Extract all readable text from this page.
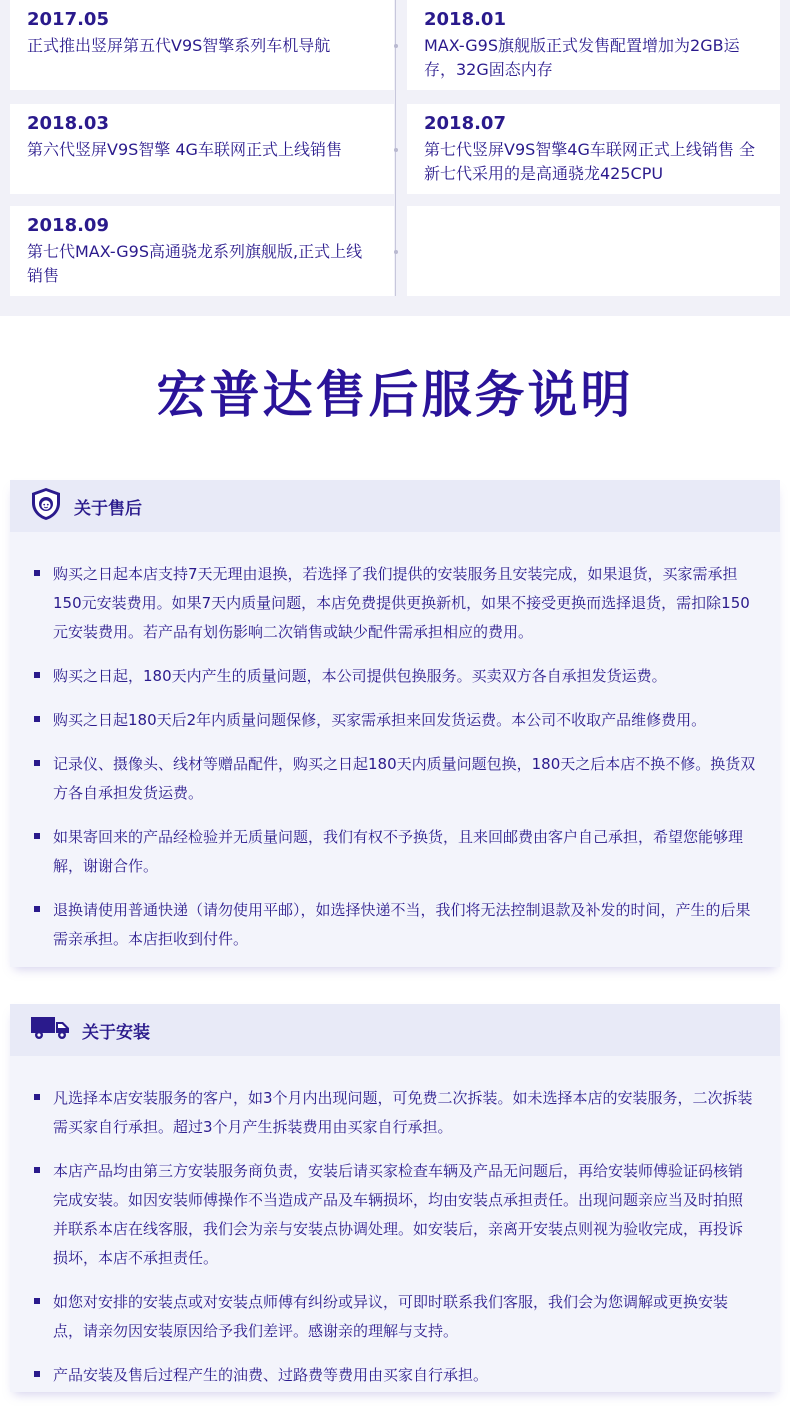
2017.05
正式推出竖屏第五代V9S智擎系列车机导航
2018.01
MAX-G9S旗舰版正式发售配置增加为2GB运存，32G固态内存
2018.03
第六代竖屏V9S智擎 4G车联网正式上线销售
2018.07
第七代竖屏V9S智擎4G车联网正式上线销售 全新七代采用的是高通骁龙425CPU
2018.09
第七代MAX-G9S高通骁龙系列旗舰版,正式上线销售
宏普达售后服务说明
关于售后
购买之日起本店支持7天无理由退换，若选择了我们提供的安装服务且安装完成，如果退货，买家需承担150元安装费用。如果7天内质量问题，本店免费提供更换新机，如果不接受更换而选择退货，需扣除150元安装费用。若产品有划伤影响二次销售或缺少配件需承担相应的费用。
购买之日起，180天内产生的质量问题，本公司提供包换服务。买卖双方各自承担发货运费。
购买之日起180天后2年内质量问题保修，买家需承担来回发货运费。本公司不收取产品维修费用。
记录仪、摄像头、线材等赠品配件，购买之日起180天内质量问题包换，180天之后本店不换不修。换货双方各自承担发货运费。
如果寄回来的产品经检验并无质量问题，我们有权不予换货，且来回邮费由客户自己承担，希望您能够理解，谢谢合作。
退换请使用普通快递（请勿使用平邮），如选择快递不当，我们将无法控制退款及补发的时间，产生的后果需亲承担。本店拒收到付件。
关于安装
凡选择本店安装服务的客户，如3个月内出现问题，可免费二次拆装。如未选择本店的安装服务，二次拆装需买家自行承担。超过3个月产生拆装费用由买家自行承担。
本店产品均由第三方安装服务商负责，安装后请买家检查车辆及产品无问题后，再给安装师傅验证码核销完成安装。如因安装师傅操作不当造成产品及车辆损坏，均由安装点承担责任。出现问题亲应当及时拍照并联系本店在线客服，我们会为亲与安装点协调处理。如安装后，亲离开安装点则视为验收完成，再投诉损坏，本店不承担责任。
如您对安排的安装点或对安装点师傅有纠纷或异议，可即时联系我们客服，我们会为您调解或更换安装点，请亲勿因安装原因给予我们差评。感谢亲的理解与支持。
产品安装及售后过程产生的油费、过路费等费用由买家自行承担。
